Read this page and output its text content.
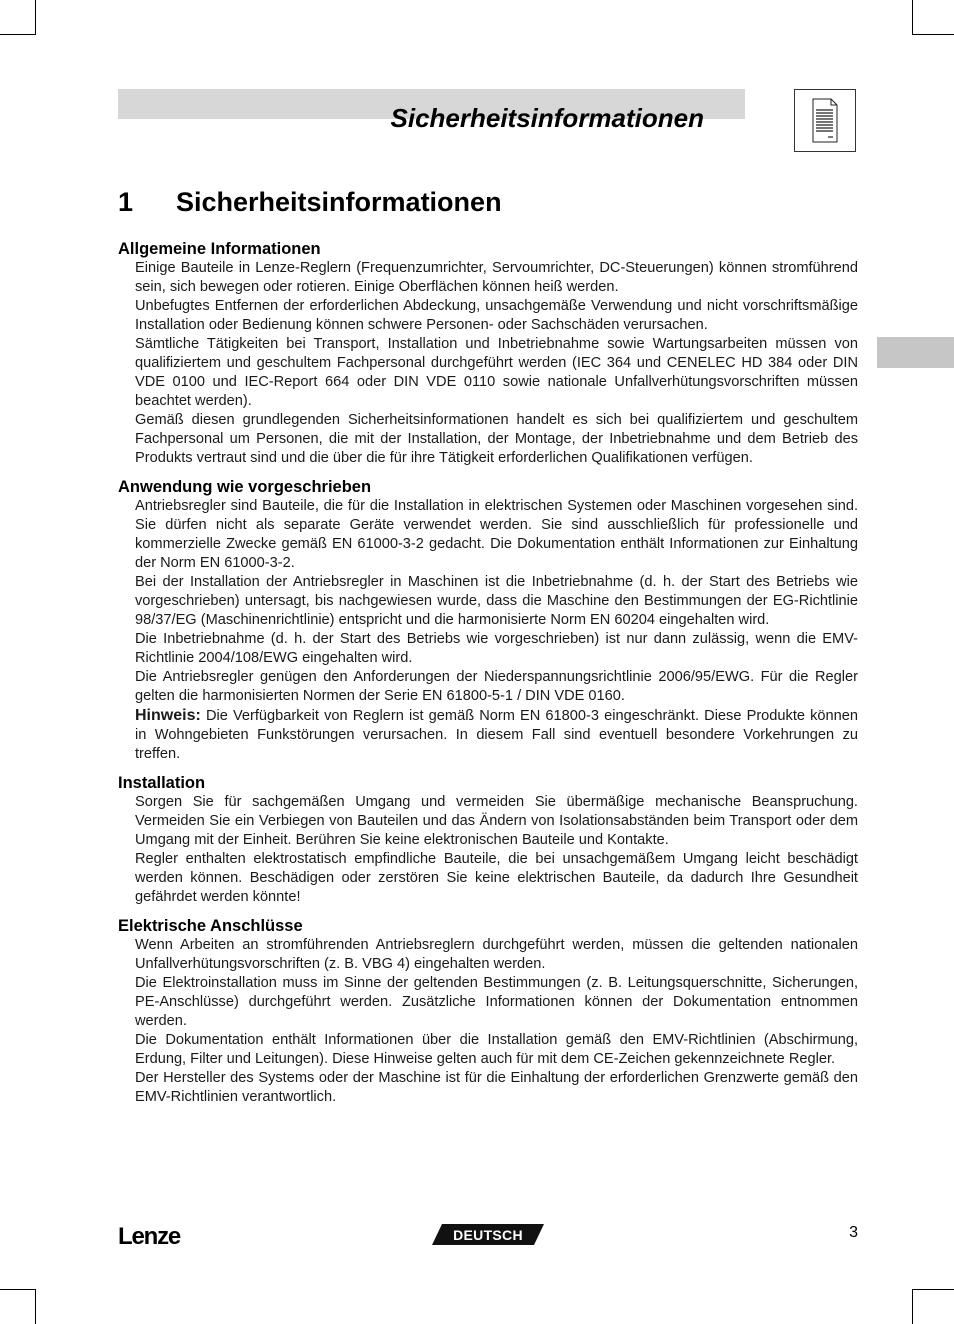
Sicherheitsinformationen
1 Sicherheitsinformationen
Allgemeine Informationen

Einige Bauteile in Lenze-Reglern (Frequenzumrichter, Servoumrichter, DC-Steuerungen) können stromführend sein, sich bewegen oder rotieren. Einige Oberflächen können heiß werden.

Unbefugtes Entfernen der erforderlichen Abdeckung, unsachgemäße Verwendung und nicht vorschriftsmäßige Installation oder Bedienung können schwere Personen- oder Sachschäden verursachen.

Sämtliche Tätigkeiten bei Transport, Installation und Inbetriebnahme sowie Wartungsarbeiten müssen von qualifiziertem und geschultem Fachpersonal durchgeführt werden (IEC 364 und CENELEC HD 384 oder DIN VDE 0100 und IEC-Report 664 oder DIN VDE 0110 sowie nationale Unfallverhütungsvorschriften müssen beachtet werden).

Gemäß diesen grundlegenden Sicherheitsinformationen handelt es sich bei qualifiziertem und geschultem Fachpersonal um Personen, die mit der Installation, der Montage, der Inbetriebnahme und dem Betrieb des Produkts vertraut sind und die über die für ihre Tätigkeit erforderlichen Qualifikationen verfügen.

Anwendung wie vorgeschrieben

Antriebsregler sind Bauteile, die für die Installation in elektrischen Systemen oder Maschinen vorgesehen sind. Sie dürfen nicht als separate Geräte verwendet werden. Sie sind ausschließlich für professionelle und kommerzielle Zwecke gemäß EN 61000-3-2 gedacht. Die Dokumentation enthält Informationen zur Einhaltung der Norm EN 61000-3-2.

Bei der Installation der Antriebsregler in Maschinen ist die Inbetriebnahme (d. h. der Start des Betriebs wie vorgeschrieben) untersagt, bis nachgewiesen wurde, dass die Maschine den Bestimmungen der EG-Richtlinie 98/37/EG (Maschinenrichtlinie) entspricht und die harmonisierte Norm EN 60204 eingehalten wird.

Die Inbetriebnahme (d. h. der Start des Betriebs wie vorgeschrieben) ist nur dann zulässig, wenn die EMV-Richtlinie 2004/108/EWG eingehalten wird.

Die Antriebsregler genügen den Anforderungen der Niederspannungsrichtlinie 2006/95/EWG. Für die Regler gelten die harmonisierten Normen der Serie EN 61800-5-1 / DIN VDE 0160.

Hinweis: Die Verfügbarkeit von Reglern ist gemäß Norm EN 61800-3 eingeschränkt. Diese Produkte können in Wohngebieten Funkstörungen verursachen. In diesem Fall sind eventuell besondere Vorkehrungen zu treffen.

Installation

Sorgen Sie für sachgemäßen Umgang und vermeiden Sie übermäßige mechanische Beanspruchung. Vermeiden Sie ein Verbiegen von Bauteilen und das Ändern von Isolationsabständen beim Transport oder dem Umgang mit der Einheit. Berühren Sie keine elektronischen Bauteile und Kontakte.

Regler enthalten elektrostatisch empfindliche Bauteile, die bei unsachgemäßem Umgang leicht beschädigt werden können. Beschädigen oder zerstören Sie keine elektrischen Bauteile, da dadurch Ihre Gesundheit gefährdet werden könnte!

Elektrische Anschlüsse

Wenn Arbeiten an stromführenden Antriebsreglern durchgeführt werden, müssen die geltenden nationalen Unfallverhütungsvorschriften (z. B. VBG 4) eingehalten werden.

Die Elektroinstallation muss im Sinne der geltenden Bestimmungen (z. B. Leitungsquerschnitte, Sicherungen, PE-Anschlüsse) durchgeführt werden. Zusätzliche Informationen können der Dokumentation entnommen werden.

Die Dokumentation enthält Informationen über die Installation gemäß den EMV-Richtlinien (Abschirmung, Erdung, Filter und Leitungen). Diese Hinweise gelten auch für mit dem CE-Zeichen gekennzeichnete Regler.

Der Hersteller des Systems oder der Maschine ist für die Einhaltung der erforderlichen Grenzwerte gemäß den EMV-Richtlinien verantwortlich.

Lenze	DEUTSCH	3
